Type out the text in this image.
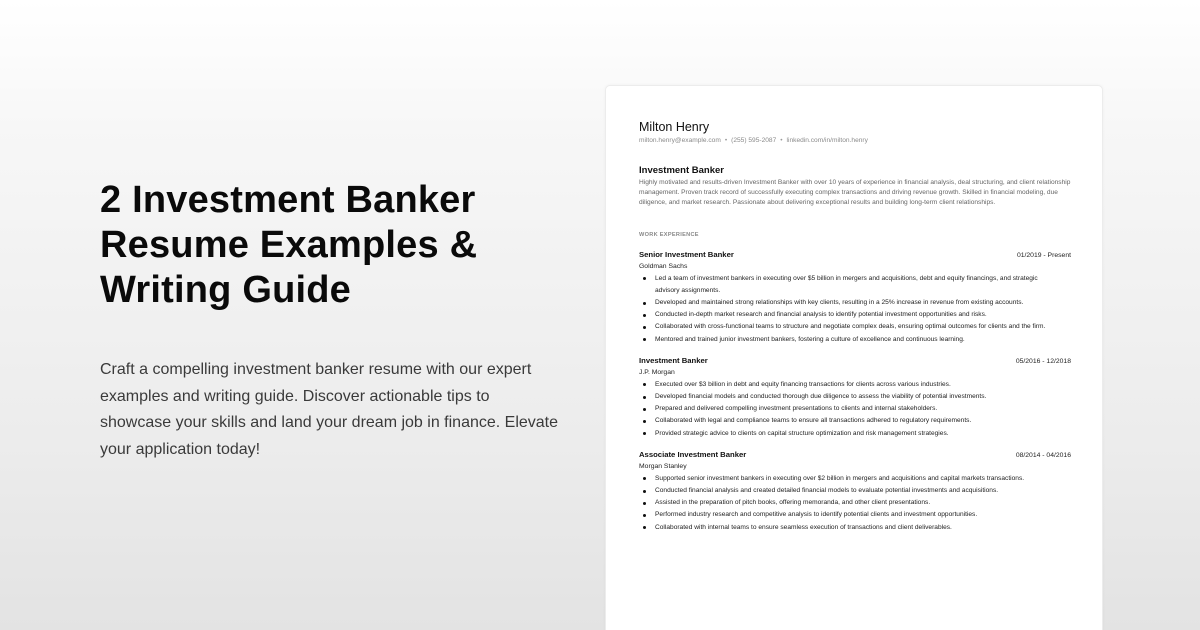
2 Investment Banker Resume Examples & Writing Guide

Craft a compelling investment banker resume with our expert examples and writing guide. Discover actionable tips to showcase your skills and land your dream job in finance. Elevate your application today!

Milton Henry
milton.henry@example.com • (255) 595-2087 • linkedin.com/in/milton.henry
Investment Banker

Highly motivated and results-driven Investment Banker with over 10 years of experience in financial analysis, deal structuring, and client relationship management. Proven track record of successfully executing complex transactions and driving revenue growth. Skilled in financial modeling, due diligence, and market research. Passionate about delivering exceptional results and building long-term client relationships.

WORK EXPERIENCE
Senior Investment Banker	01/2019 - Present
Goldman Sachs
Led a team of investment bankers in executing over $5 billion in mergers and acquisitions, debt and equity financings, and strategic advisory assignments.
Developed and maintained strong relationships with key clients, resulting in a 25% increase in revenue from existing accounts.
Conducted in-depth market research and financial analysis to identify potential investment opportunities and risks.
Collaborated with cross-functional teams to structure and negotiate complex deals, ensuring optimal outcomes for clients and the firm.
Mentored and trained junior investment bankers, fostering a culture of excellence and continuous learning.
Investment Banker	05/2016 - 12/2018
J.P. Morgan
Executed over $3 billion in debt and equity financing transactions for clients across various industries.
Developed financial models and conducted thorough due diligence to assess the viability of potential investments.
Prepared and delivered compelling investment presentations to clients and internal stakeholders.
Collaborated with legal and compliance teams to ensure all transactions adhered to regulatory requirements.
Provided strategic advice to clients on capital structure optimization and risk management strategies.
Associate Investment Banker	08/2014 - 04/2016
Morgan Stanley
Supported senior investment bankers in executing over $2 billion in mergers and acquisitions and capital markets transactions.
Conducted financial analysis and created detailed financial models to evaluate potential investments and acquisitions.
Assisted in the preparation of pitch books, offering memoranda, and other client presentations.
Performed industry research and competitive analysis to identify potential clients and investment opportunities.
Collaborated with internal teams to ensure seamless execution of transactions and client deliverables.
